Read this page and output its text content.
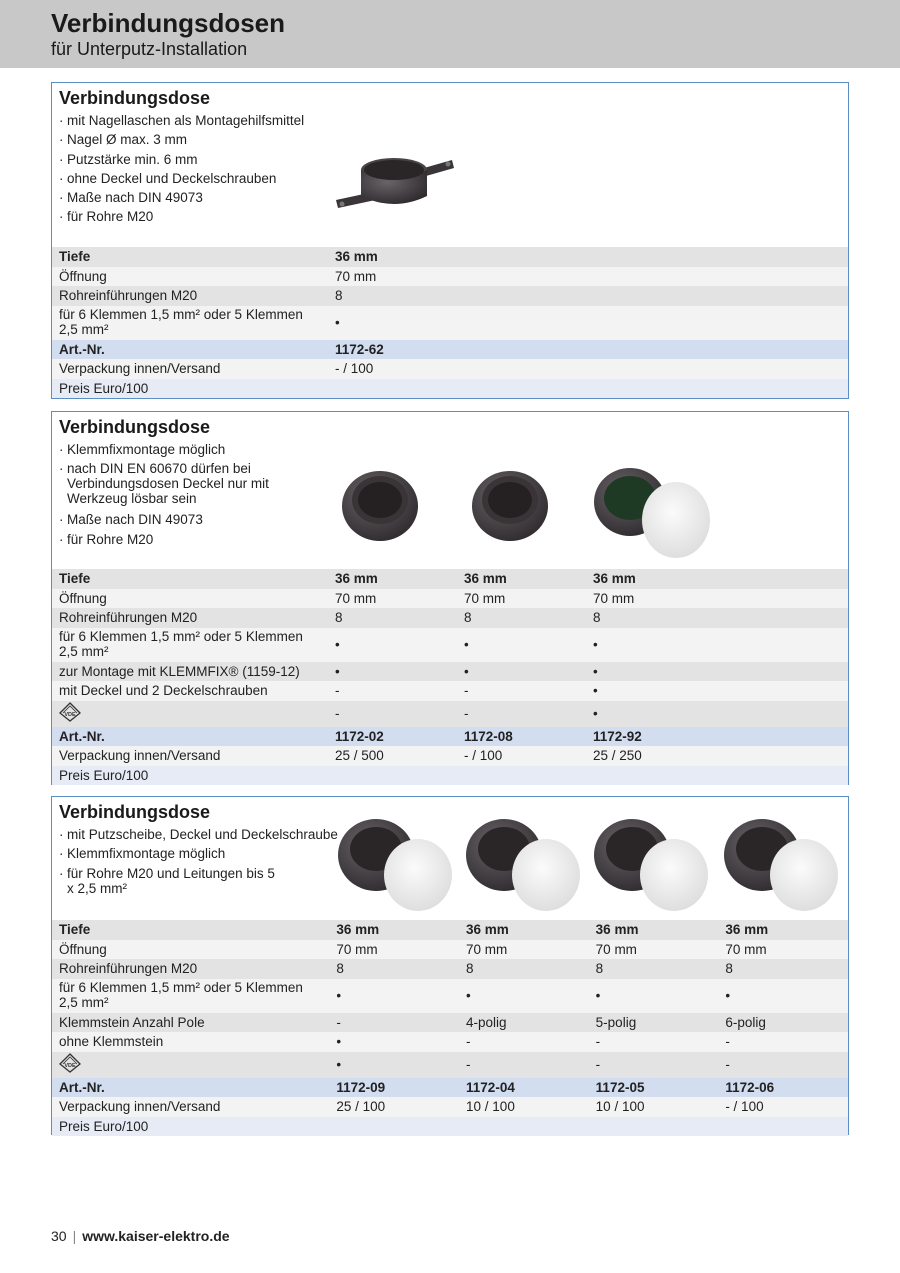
Verbindungsdosen
für Unterputz-Installation
Verbindungsdose
· mit Nagellaschen als Montagehilfsmittel
· Nagel Ø max. 3 mm
· Putzstärke min. 6 mm
· ohne Deckel und Deckelschrauben
· Maße nach DIN 49073
· für Rohre M20
Tiefe	36 mm	
Öffnung	70 mm	
Rohreinführungen M20	8	
für 6 Klemmen 1,5 mm² oder 5 Klemmen 2,5 mm²	•	
Art.-Nr.	1172-62	
Verpackung innen/Versand	- / 100	
Preis Euro/100		
Verbindungsdose
· Klemmfixmontage möglich
· nach DIN EN 60670 dürfen bei Verbindungsdosen Deckel nur mit Werkzeug lösbar sein
· Maße nach DIN 49073
· für Rohre M20
Tiefe	36 mm	36 mm	36 mm	
Öffnung	70 mm	70 mm	70 mm	
Rohreinführungen M20	8	8	8	
für 6 Klemmen 1,5 mm² oder 5 Klemmen 2,5 mm²	•	•	•	
zur Montage mit KLEMMFIX® (1159-12)	•	•	•	
mit Deckel und 2 Deckelschrauben	-	-	•	
	-	-	•	
Art.-Nr.	1172-02	1172-08	1172-92	
Verpackung innen/Versand	25 / 500	- / 100	25 / 250	
Preis Euro/100				
Verbindungsdose
· mit Putzscheibe, Deckel und Deckelschraube
· Klemmfixmontage möglich
· für Rohre M20 und Leitungen bis 5 x 2,5 mm²
Tiefe	36 mm	36 mm	36 mm	36 mm
Öffnung	70 mm	70 mm	70 mm	70 mm
Rohreinführungen M20	8	8	8	8
für 6 Klemmen 1,5 mm² oder 5 Klemmen 2,5 mm²	•	•	•	•
Klemmstein Anzahl Pole	-	4-polig	5-polig	6-polig
ohne Klemmstein	•	-	-	-
	•	-	-	-
Art.-Nr.	1172-09	1172-04	1172-05	1172-06
Verpackung innen/Versand	25 / 100	10 / 100	10 / 100	- / 100
Preis Euro/100				
30 | www.kaiser-elektro.de
